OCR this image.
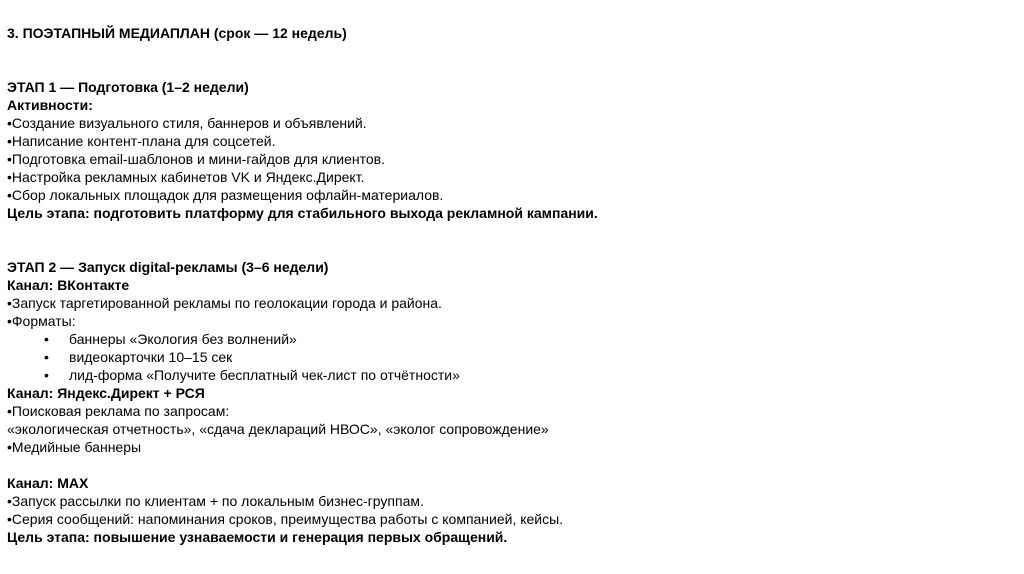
3. ПОЭТАПНЫЙ МЕДИАПЛАН (срок — 12 недель)
ЭТАП 1 — Подготовка (1–2 недели)
Активности:
•Создание визуального стиля, баннеров и объявлений.
•Написание контент-плана для соцсетей.
•Подготовка email-шаблонов и мини-гайдов для клиентов.
•Настройка рекламных кабинетов VK и Яндекс.Директ.
•Сбор локальных площадок для размещения офлайн-материалов.
Цель этапа: подготовить платформу для стабильного выхода рекламной кампании.
ЭТАП 2 — Запуск digital-рекламы (3–6 недели)
Канал: ВКонтакте
•Запуск таргетированной рекламы по геолокации города и района.
•Форматы:
• баннеры «Экология без волнений»
• видеокарточки 10–15 сек
• лид-форма «Получите бесплатный чек-лист по отчётности»
Канал: Яндекс.Директ + РСЯ
•Поисковая реклама по запросам:
«экологическая отчетность», «сдача деклараций НВОС», «эколог сопровождение»
•Медийные баннеры
Канал: MAX
•Запуск рассылки по клиентам + по локальным бизнес-группам.
•Серия сообщений: напоминания сроков, преимущества работы с компанией, кейсы.
Цель этапа: повышение узнаваемости и генерация первых обращений.
